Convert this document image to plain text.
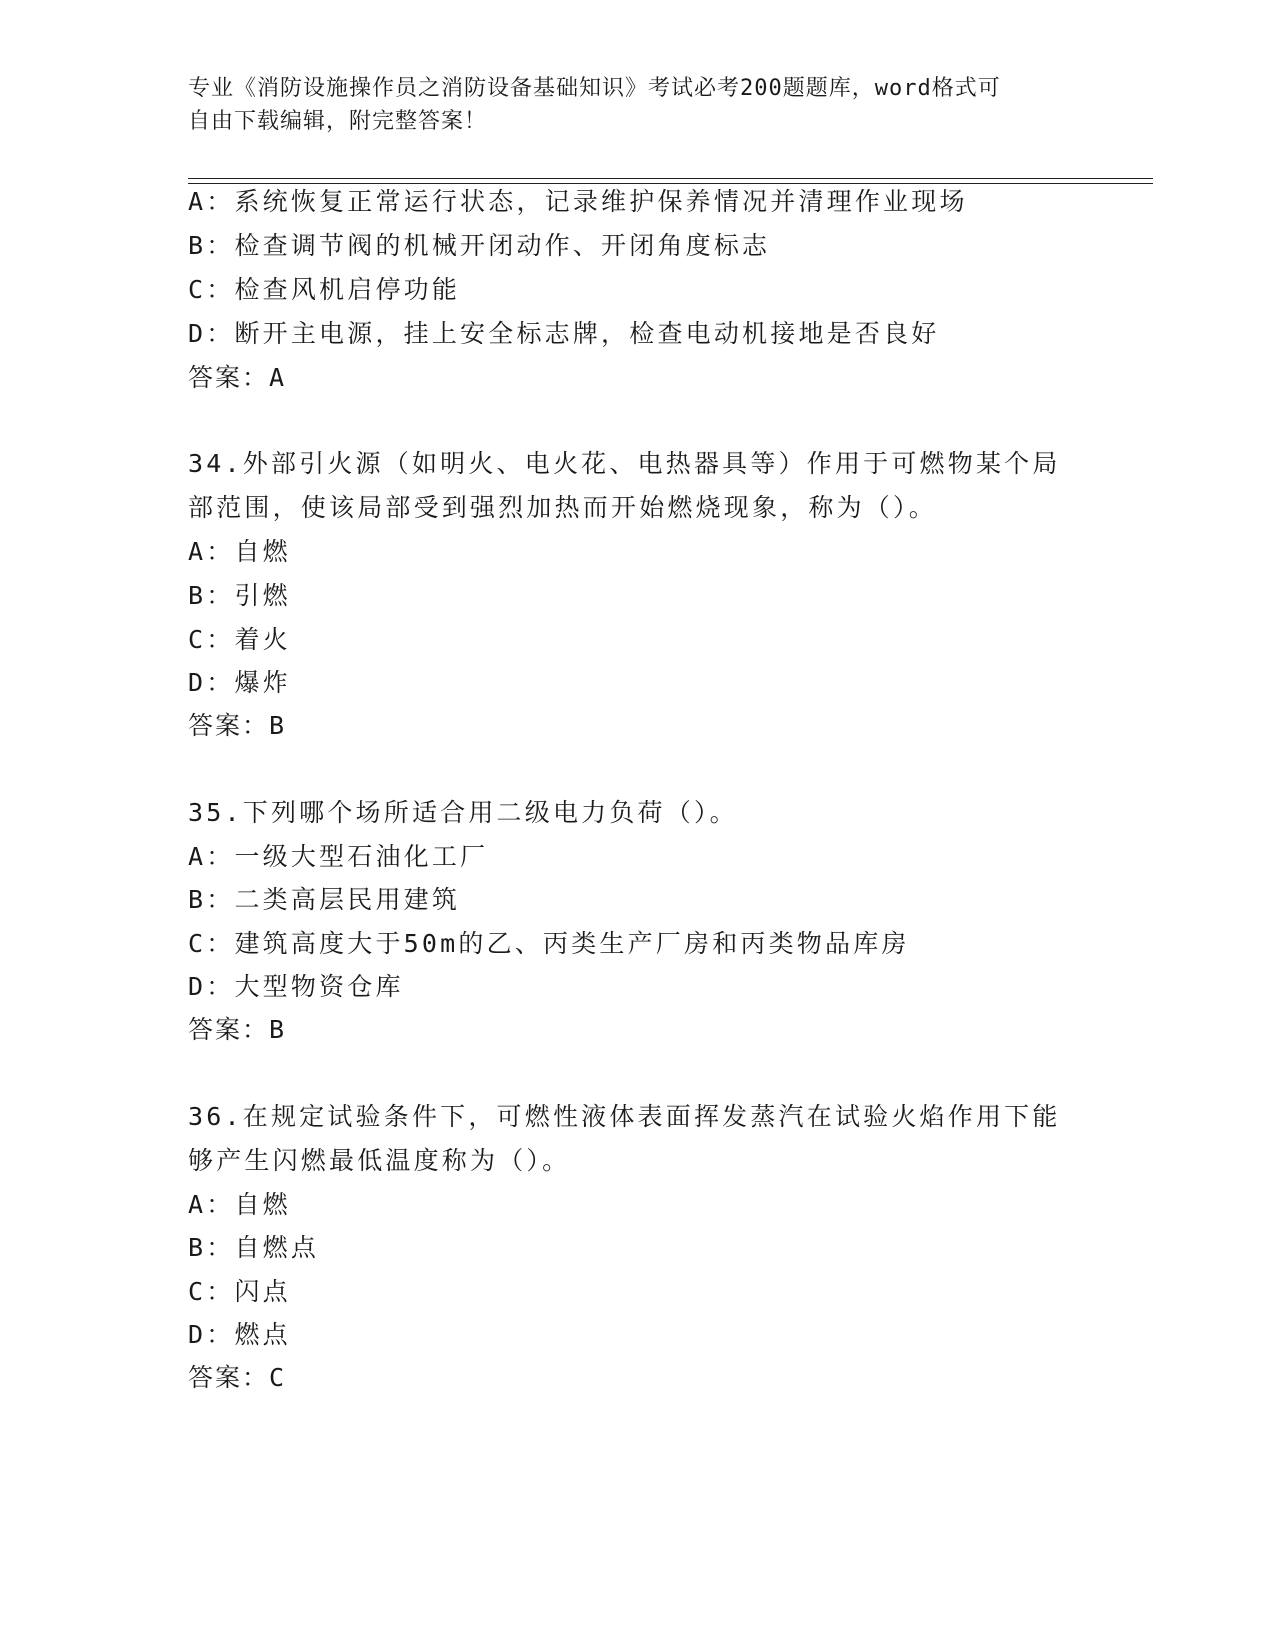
专业《消防设施操作员之消防设备基础知识》考试必考200题题库，word格式可
自由下载编辑，附完整答案！
A：系统恢复正常运行状态，记录维护保养情况并清理作业现场
B：检查调节阀的机械开闭动作、开闭角度标志
C：检查风机启停功能
D：断开主电源，挂上安全标志牌，检查电动机接地是否良好
答案：A
34.外部引火源（如明火、电火花、电热器具等）作用于可燃物某个局
部范围，使该局部受到强烈加热而开始燃烧现象，称为（）。
A：自燃
B：引燃
C：着火
D：爆炸
答案：B
35.下列哪个场所适合用二级电力负荷（）。
A：一级大型石油化工厂
B：二类高层民用建筑
C：建筑高度大于50m的乙、丙类生产厂房和丙类物品库房
D：大型物资仓库
答案：B
36.在规定试验条件下，可燃性液体表面挥发蒸汽在试验火焰作用下能
够产生闪燃最低温度称为（）。
A：自燃
B：自燃点
C：闪点
D：燃点
答案：C
